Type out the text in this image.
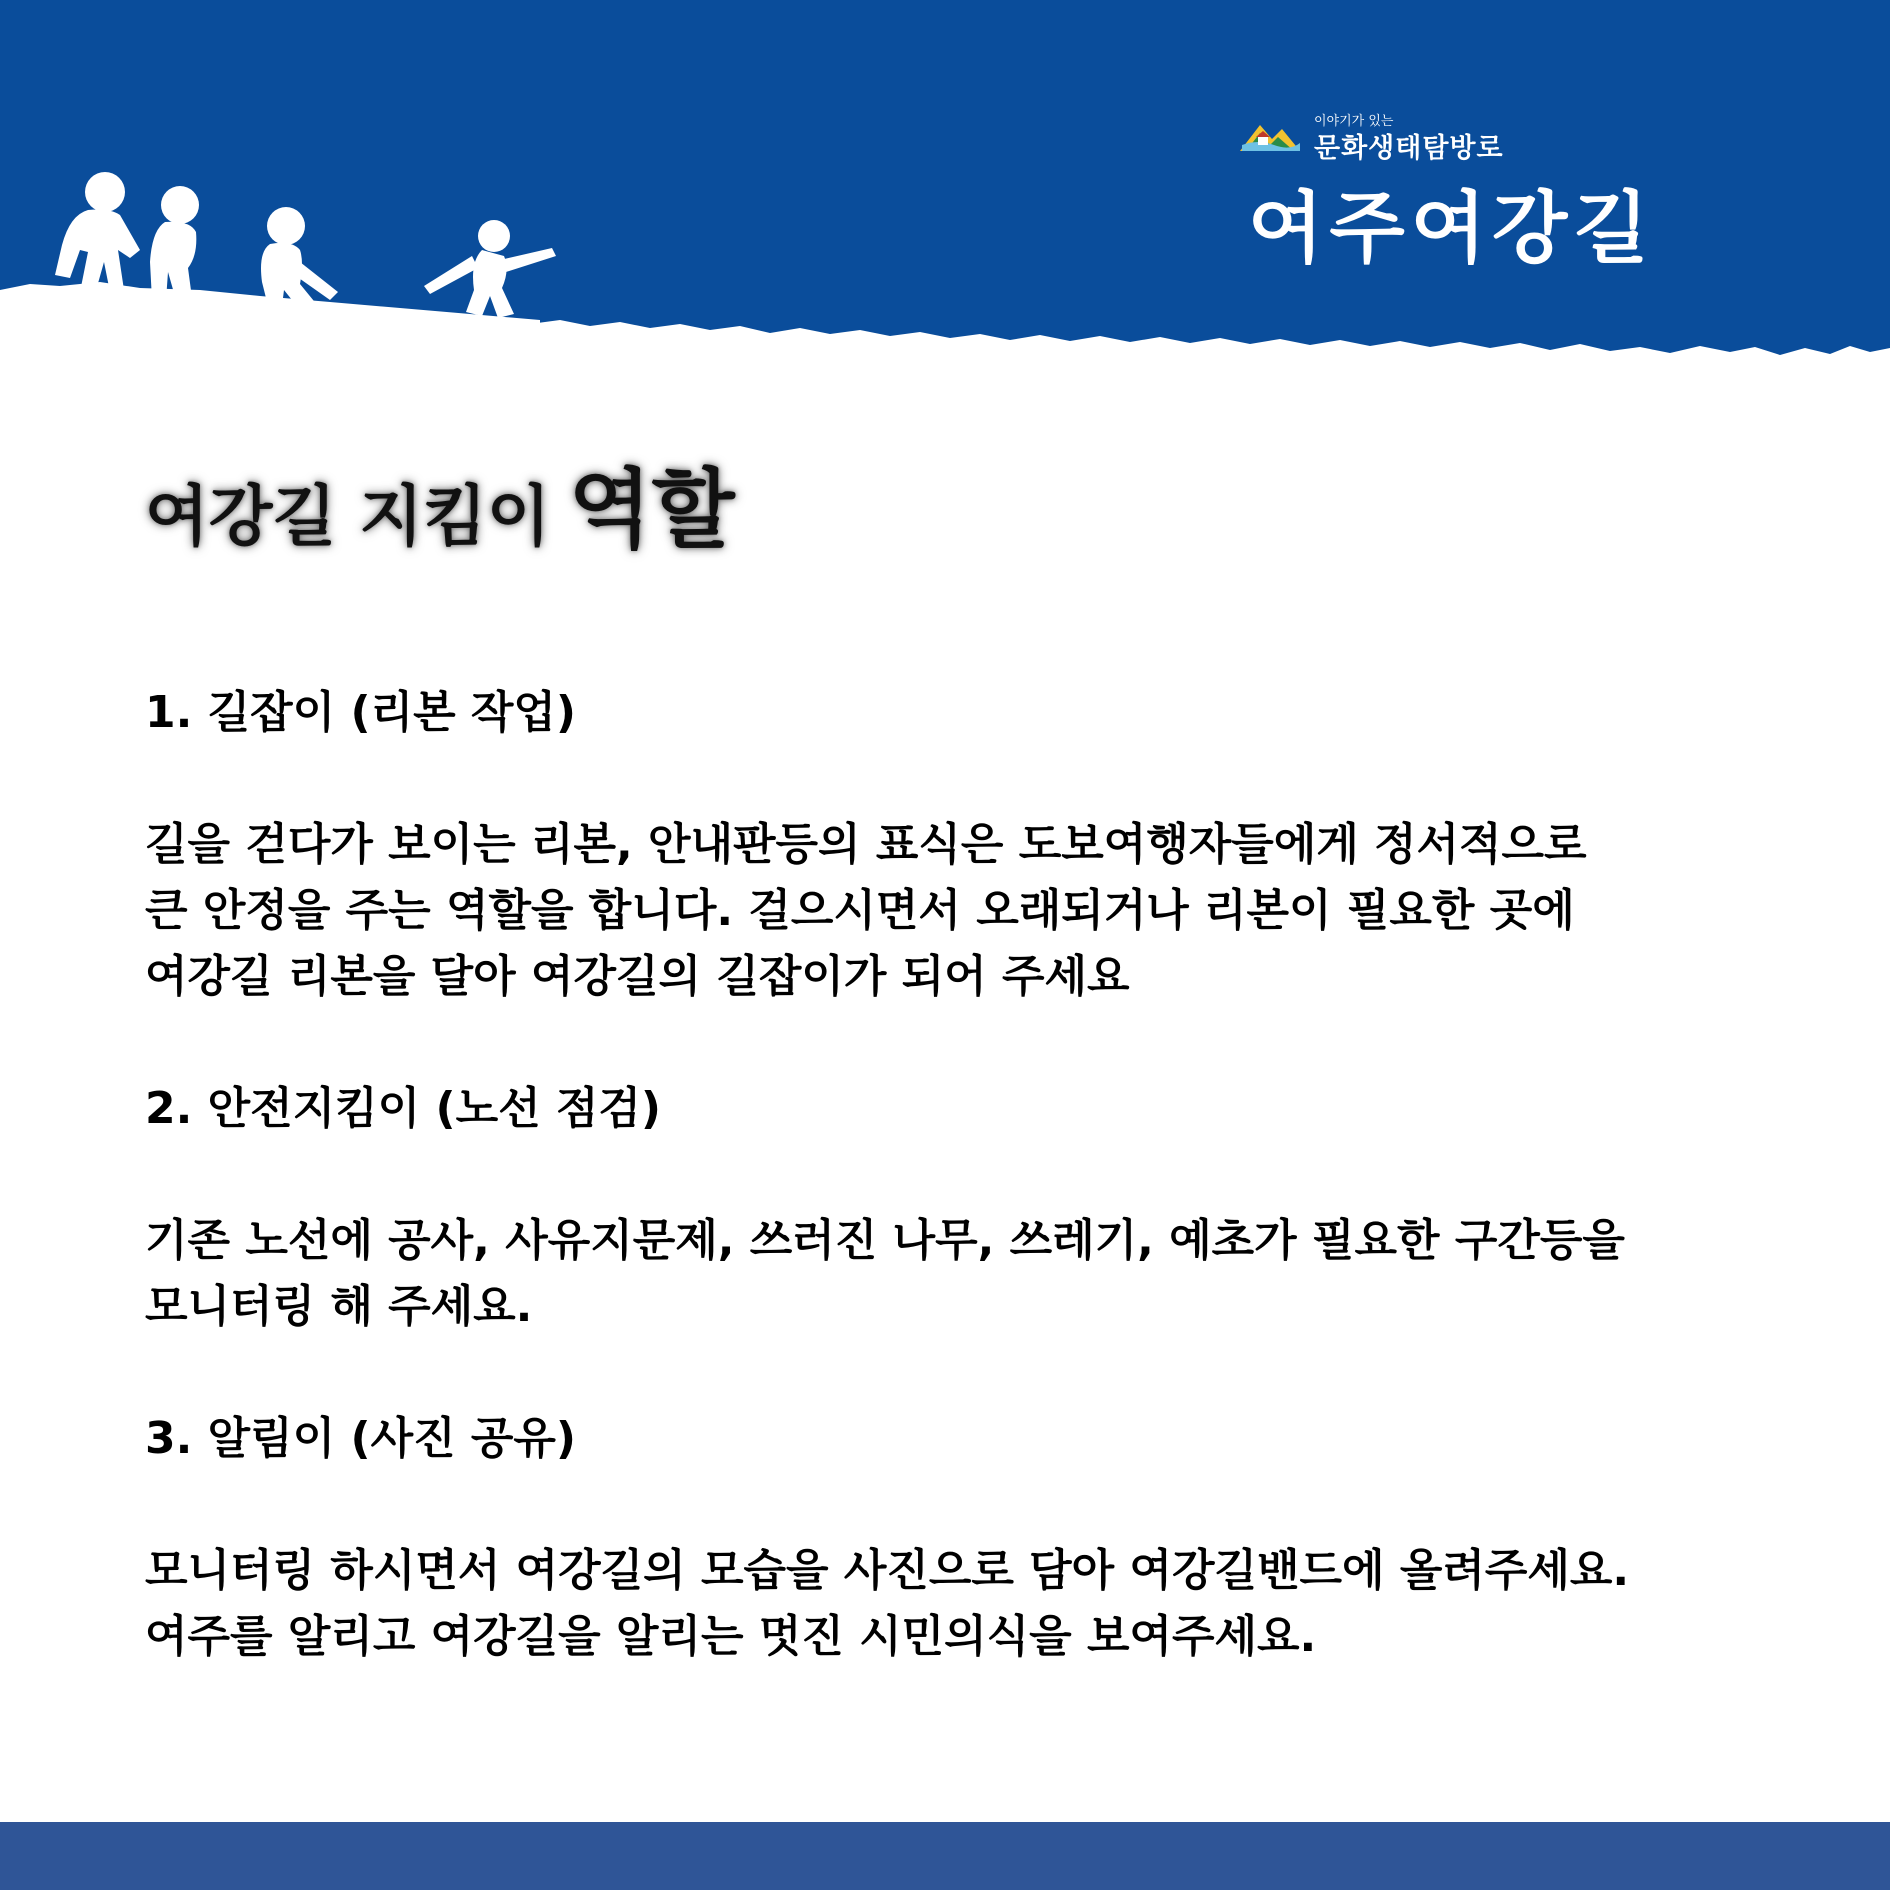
이야기가 있는
문화생태탐방로
여주여강길
여강길 지킴이 역할
1. 길잡이 (리본 작업)
길을 걷다가 보이는 리본, 안내판등의 표식은 도보여행자들에게 정서적으로
큰 안정을 주는 역할을 합니다. 걸으시면서 오래되거나 리본이 필요한 곳에
여강길 리본을 달아 여강길의 길잡이가 되어 주세요
2. 안전지킴이 (노선 점검)
기존 노선에 공사, 사유지문제, 쓰러진 나무, 쓰레기, 예초가 필요한 구간등을
모니터링 해 주세요.
3. 알림이 (사진 공유)
모니터링 하시면서 여강길의 모습을 사진으로 담아 여강길밴드에 올려주세요.
여주를 알리고 여강길을 알리는 멋진 시민의식을 보여주세요.
